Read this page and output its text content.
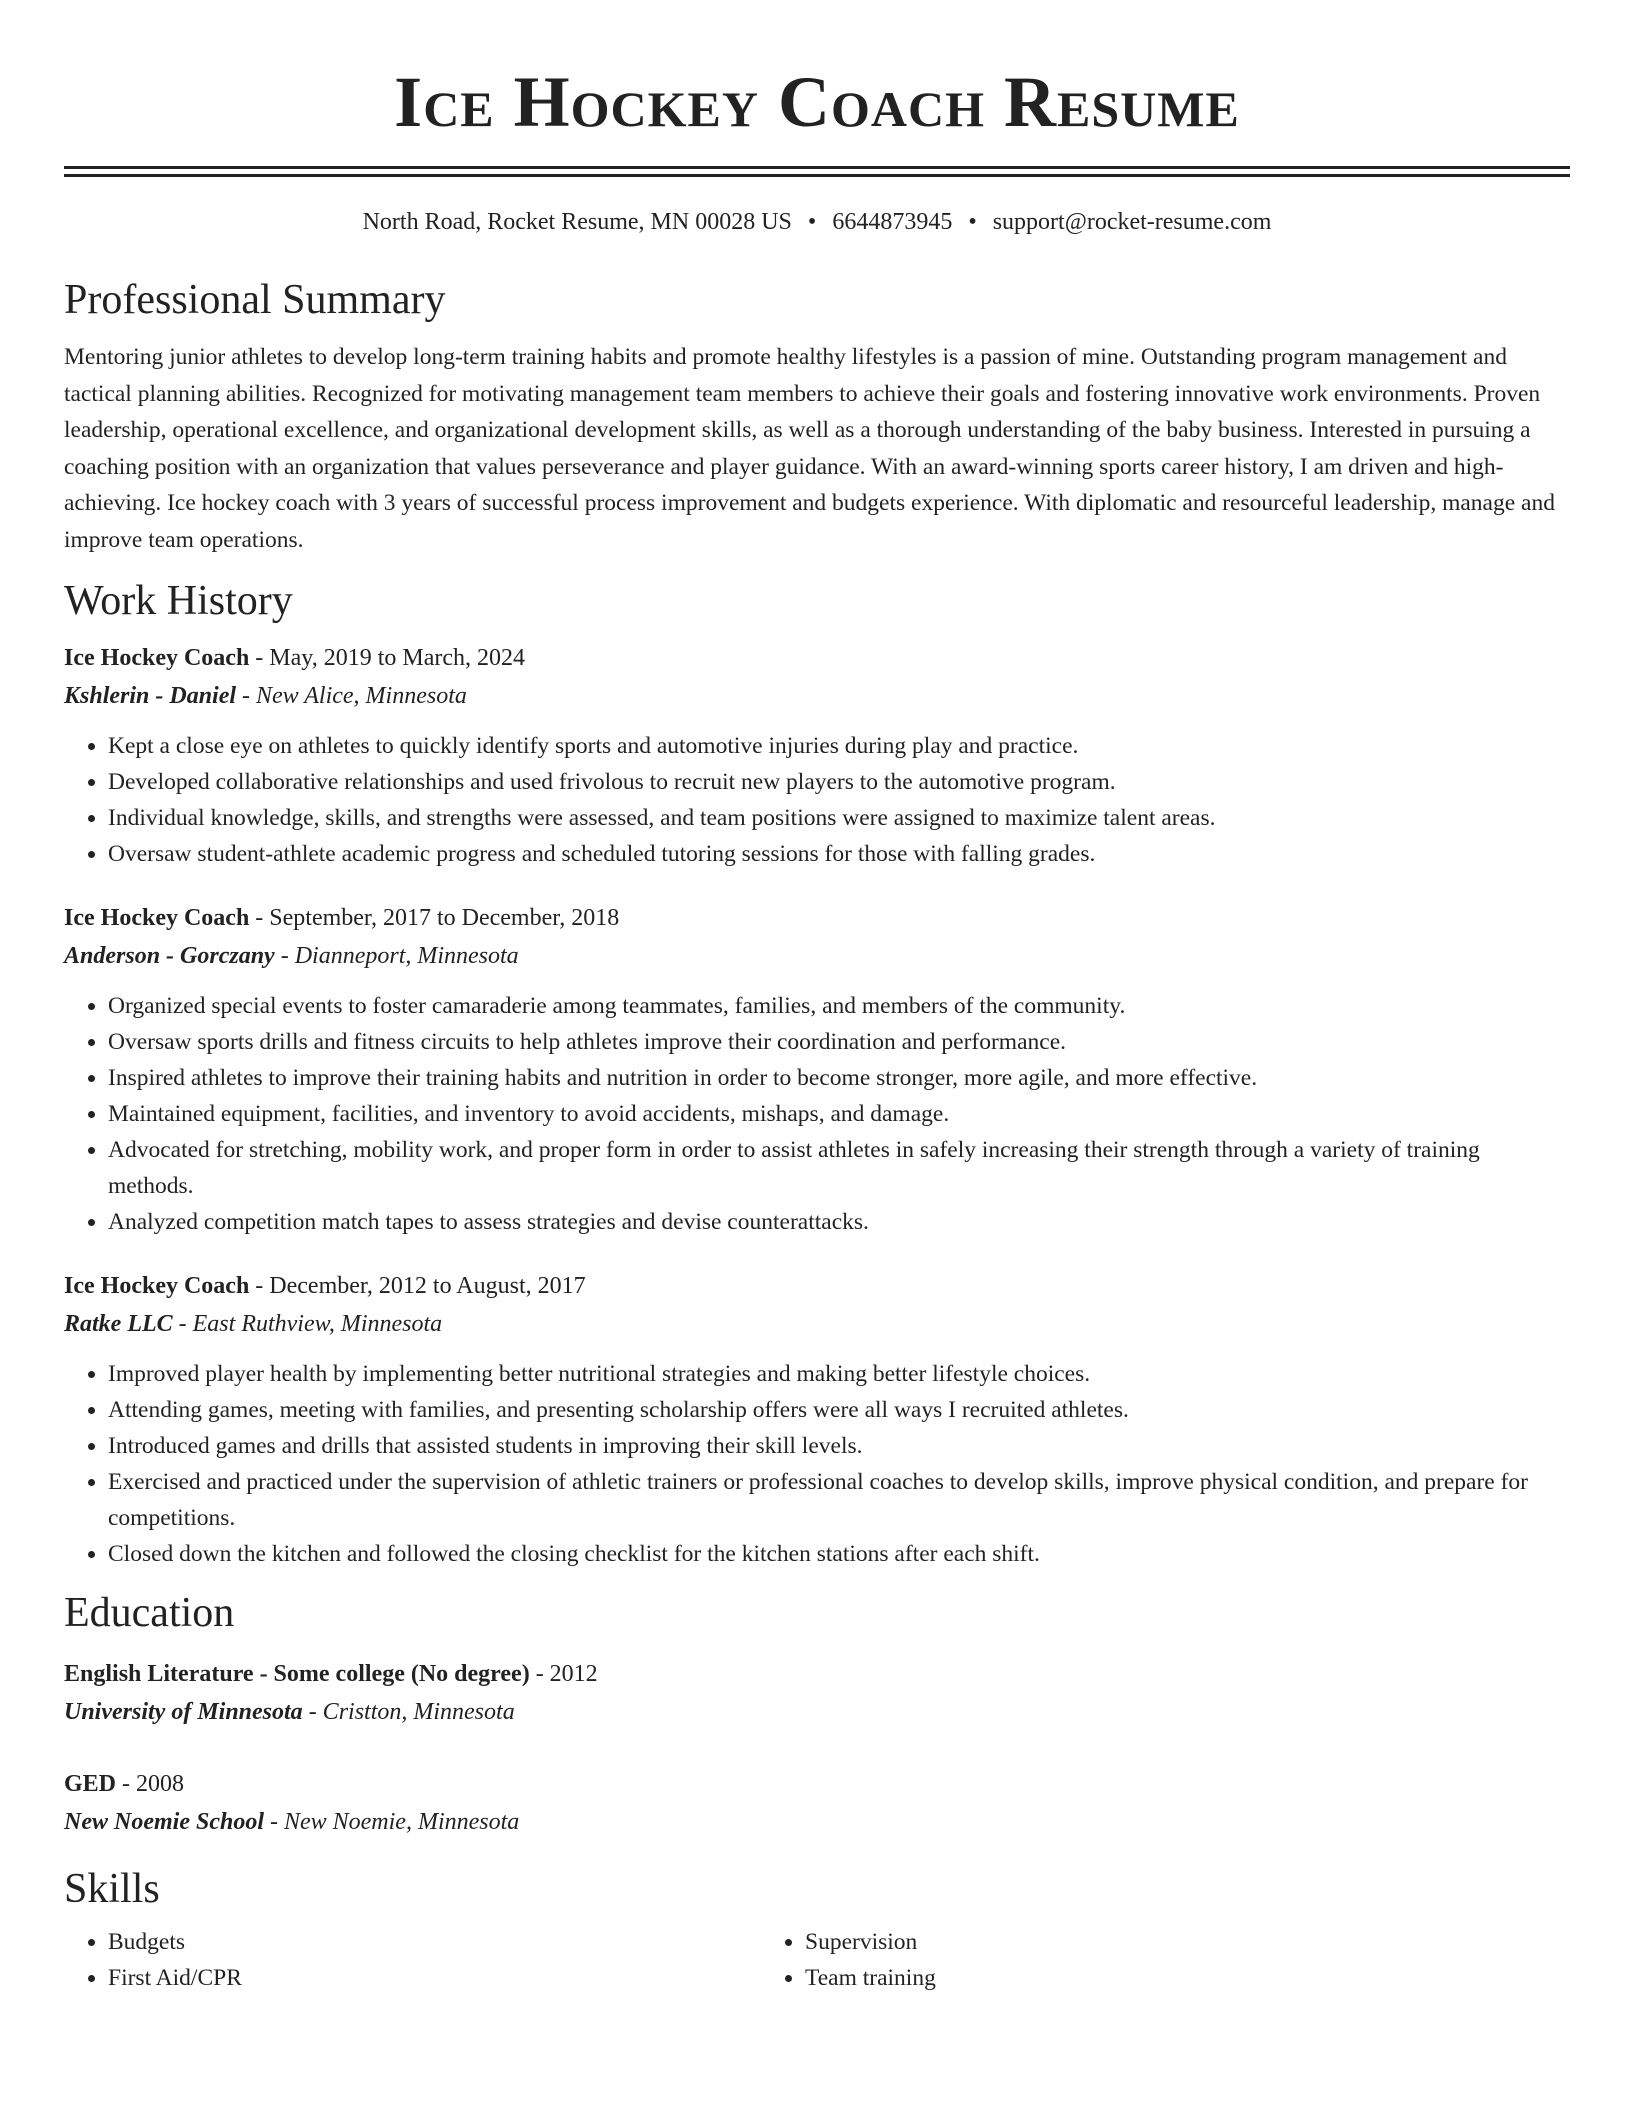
Ice Hockey Coach Resume
North Road, Rocket Resume, MN 00028 US • 6644873945 • support@rocket-resume.com
Professional Summary

Mentoring junior athletes to develop long-term training habits and promote healthy lifestyles is a passion of mine. Outstanding program management and tactical planning abilities. Recognized for motivating management team members to achieve their goals and fostering innovative work environments. Proven leadership, operational excellence, and organizational development skills, as well as a thorough understanding of the baby business. Interested in pursuing a coaching position with an organization that values perseverance and player guidance. With an award-winning sports career history, I am driven and high-achieving. Ice hockey coach with 3 years of successful process improvement and budgets experience. With diplomatic and resourceful leadership, manage and improve team operations.

Work History
Ice Hockey Coach - May, 2019 to March, 2024
Kshlerin - Daniel - New Alice, Minnesota
• Kept a close eye on athletes to quickly identify sports and automotive injuries during play and practice.
• Developed collaborative relationships and used frivolous to recruit new players to the automotive program.
• Individual knowledge, skills, and strengths were assessed, and team positions were assigned to maximize talent areas.
• Oversaw student-athlete academic progress and scheduled tutoring sessions for those with falling grades.
Ice Hockey Coach - September, 2017 to December, 2018
Anderson - Gorczany - Dianneport, Minnesota
• Organized special events to foster camaraderie among teammates, families, and members of the community.
• Oversaw sports drills and fitness circuits to help athletes improve their coordination and performance.
• Inspired athletes to improve their training habits and nutrition in order to become stronger, more agile, and more effective.
• Maintained equipment, facilities, and inventory to avoid accidents, mishaps, and damage.
• Advocated for stretching, mobility work, and proper form in order to assist athletes in safely increasing their strength through a variety of training methods.
• Analyzed competition match tapes to assess strategies and devise counterattacks.
Ice Hockey Coach - December, 2012 to August, 2017
Ratke LLC - East Ruthview, Minnesota
• Improved player health by implementing better nutritional strategies and making better lifestyle choices.
• Attending games, meeting with families, and presenting scholarship offers were all ways I recruited athletes.
• Introduced games and drills that assisted students in improving their skill levels.
• Exercised and practiced under the supervision of athletic trainers or professional coaches to develop skills, improve physical condition, and prepare for competitions.
• Closed down the kitchen and followed the closing checklist for the kitchen stations after each shift.
Education
English Literature - Some college (No degree) - 2012
University of Minnesota - Cristton, Minnesota
GED - 2008
New Noemie School - New Noemie, Minnesota
Skills
• Budgets
• First Aid/CPR
• Supervision
• Team training
